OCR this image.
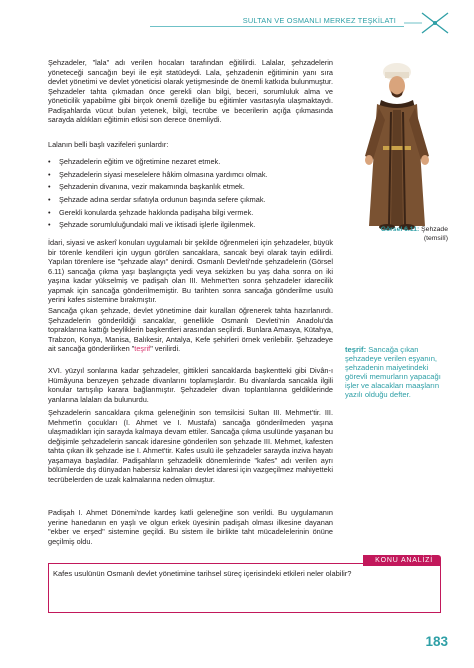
SULTAN VE OSMANLI MERKEZ TEŞKİLATI

Şehzadeler, "lala" adı verilen hocaları tarafından eğitilirdi. Lalalar, şehzadelerin yöneteceği sancağın beyi ile eşit statüdeydi. Lala, şehzadenin eğitiminin yanı sıra devlet yönetimi ve devlet yöneticisi olarak yetişmesinde de önemli katkıda bulunmuştur. Şehzadeler tahta çıkmadan önce gerekli olan bilgi, beceri, sorumluluk alma ve yöneticilik yapabilme gibi birçok önemli özelliğe bu eğitimler vasıtasıyla ulaşmaktaydı. Padişahlarda vücut bulan yetenek, bilgi, tecrübe ve becerilerin açığa çıkmasında sarayda aldıkları eğitimin etkisi son derece önemliydi.

Lalanın belli başlı vazifeleri şunlardır:

• Şehzadelerin eğitim ve öğretimine nezaret etmek.
• Şehzadelerin siyasi meselelere hâkim olmasına yardımcı olmak.
• Şehzadenin divanına, vezir makamında başkanlık etmek.
• Şehzade adına serdar sıfatıyla ordunun başında sefere çıkmak.
• Gerekli konularda şehzade hakkında padişaha bilgi vermek.
• Şehzade sorumluluğundaki mali ve iktisadi işlerle ilgilenmek.

İdari, siyasi ve askerî konuları uygulamalı bir şekilde öğrenmeleri için şehzadeler, büyük bir törenle kendileri için uygun görülen sancaklara, sancak beyi olarak tayin edilirdi. Yapılan törenlere ise "şehzade alayı" denirdi. Osmanlı Devleti'nde şehzadelerin (Görsel 6.11) sancağa çıkma yaşı başlangıçta yedi veya sekizken bu yaş daha sonra on iki yaşına kadar yükselmiş ve padişah olan III. Mehmet'ten sonra şehzadeler idarecilik yapmak için sancağa gönderilmemiştir. Bu tarihten sonra sancağa gönderilme usulü yerini kafes sistemine bırakmıştır.

Sancağa çıkan şehzade, devlet yönetimine dair kuralları öğrenerek tahta hazırlanırdı. Şehzadelerin gönderildiği sancaklar, genellikle Osmanlı Devleti'nin Anadolu'da topraklarına kattığı beyliklerin başkentleri arasından seçilirdi. Bunlara Amasya, Kütahya, Trabzon, Konya, Manisa, Balıkesir, Antalya, Kefe şehirleri örnek verilebilir. Şehzadeye ait sancağa gönderilirken "teşrif" verilirdi.

XVI. yüzyıl sonlarına kadar şehzadeler, gittikleri sancaklarda başkentteki gibi Divân-ı Hümâyuna benzeyen şehzade divanlarını toplamışlardır. Bu divanlarda sancakla ilgili konular tartışılıp karara bağlanmıştır. Şehzadeler divan toplantılarına geldiklerinde yanlarına lalaları da bulunurdu.

Şehzadelerin sancaklara çıkma geleneğinin son temsilcisi Sultan III. Mehmet'tir. III. Mehmet'in çocukları (I. Ahmet ve I. Mustafa) sancağa gönderilmeden yaşına ulaşmadıkları için sarayda kalmaya devam ettiler. Sancağa çıkma usulünde yaşanan bu değişimle şehzadelerin sancak idaresine gönderilen son şehzade III. Mehmet, kafesten tahta çıkan ilk şehzade ise I. Ahmet'tir. Kafes usulü ile şehzadeler sarayda inziva hayatı yaşamaya başladılar. Padişahların şehzadelik dönemlerinde "kafes" adı verilen ayrı bölümlerde dış dünyadan habersiz kalmaları devlet idaresi için vazgeçilmez mahiyetteki tecrübelerden de uzak kalmalarına neden olmuştur.

Padişah I. Ahmet Dönemi'nde kardeş katli geleneğine son verildi. Bu uygulamanın yerine hanedanın en yaşlı ve olgun erkek üyesinin padişah olması ilkesine dayanan "ekber ve erşed" sistemine geçildi. Bu sistem ile birlikte taht mücadelelerinin önüne geçilmiş oldu.

Görsel 6.11: Şehzade
(temsilî)
teşrif: Sancağa çıkan şehzadeye verilen eşyanın, şehzadenin maiyetindeki görevli memurların yapacağı işler ve alacakları maaşların yazılı olduğu defter.
KONU ANALİZİ
Kafes usulünün Osmanlı devlet yönetimine tarihsel süreç içerisindeki etkileri neler olabilir?
183
